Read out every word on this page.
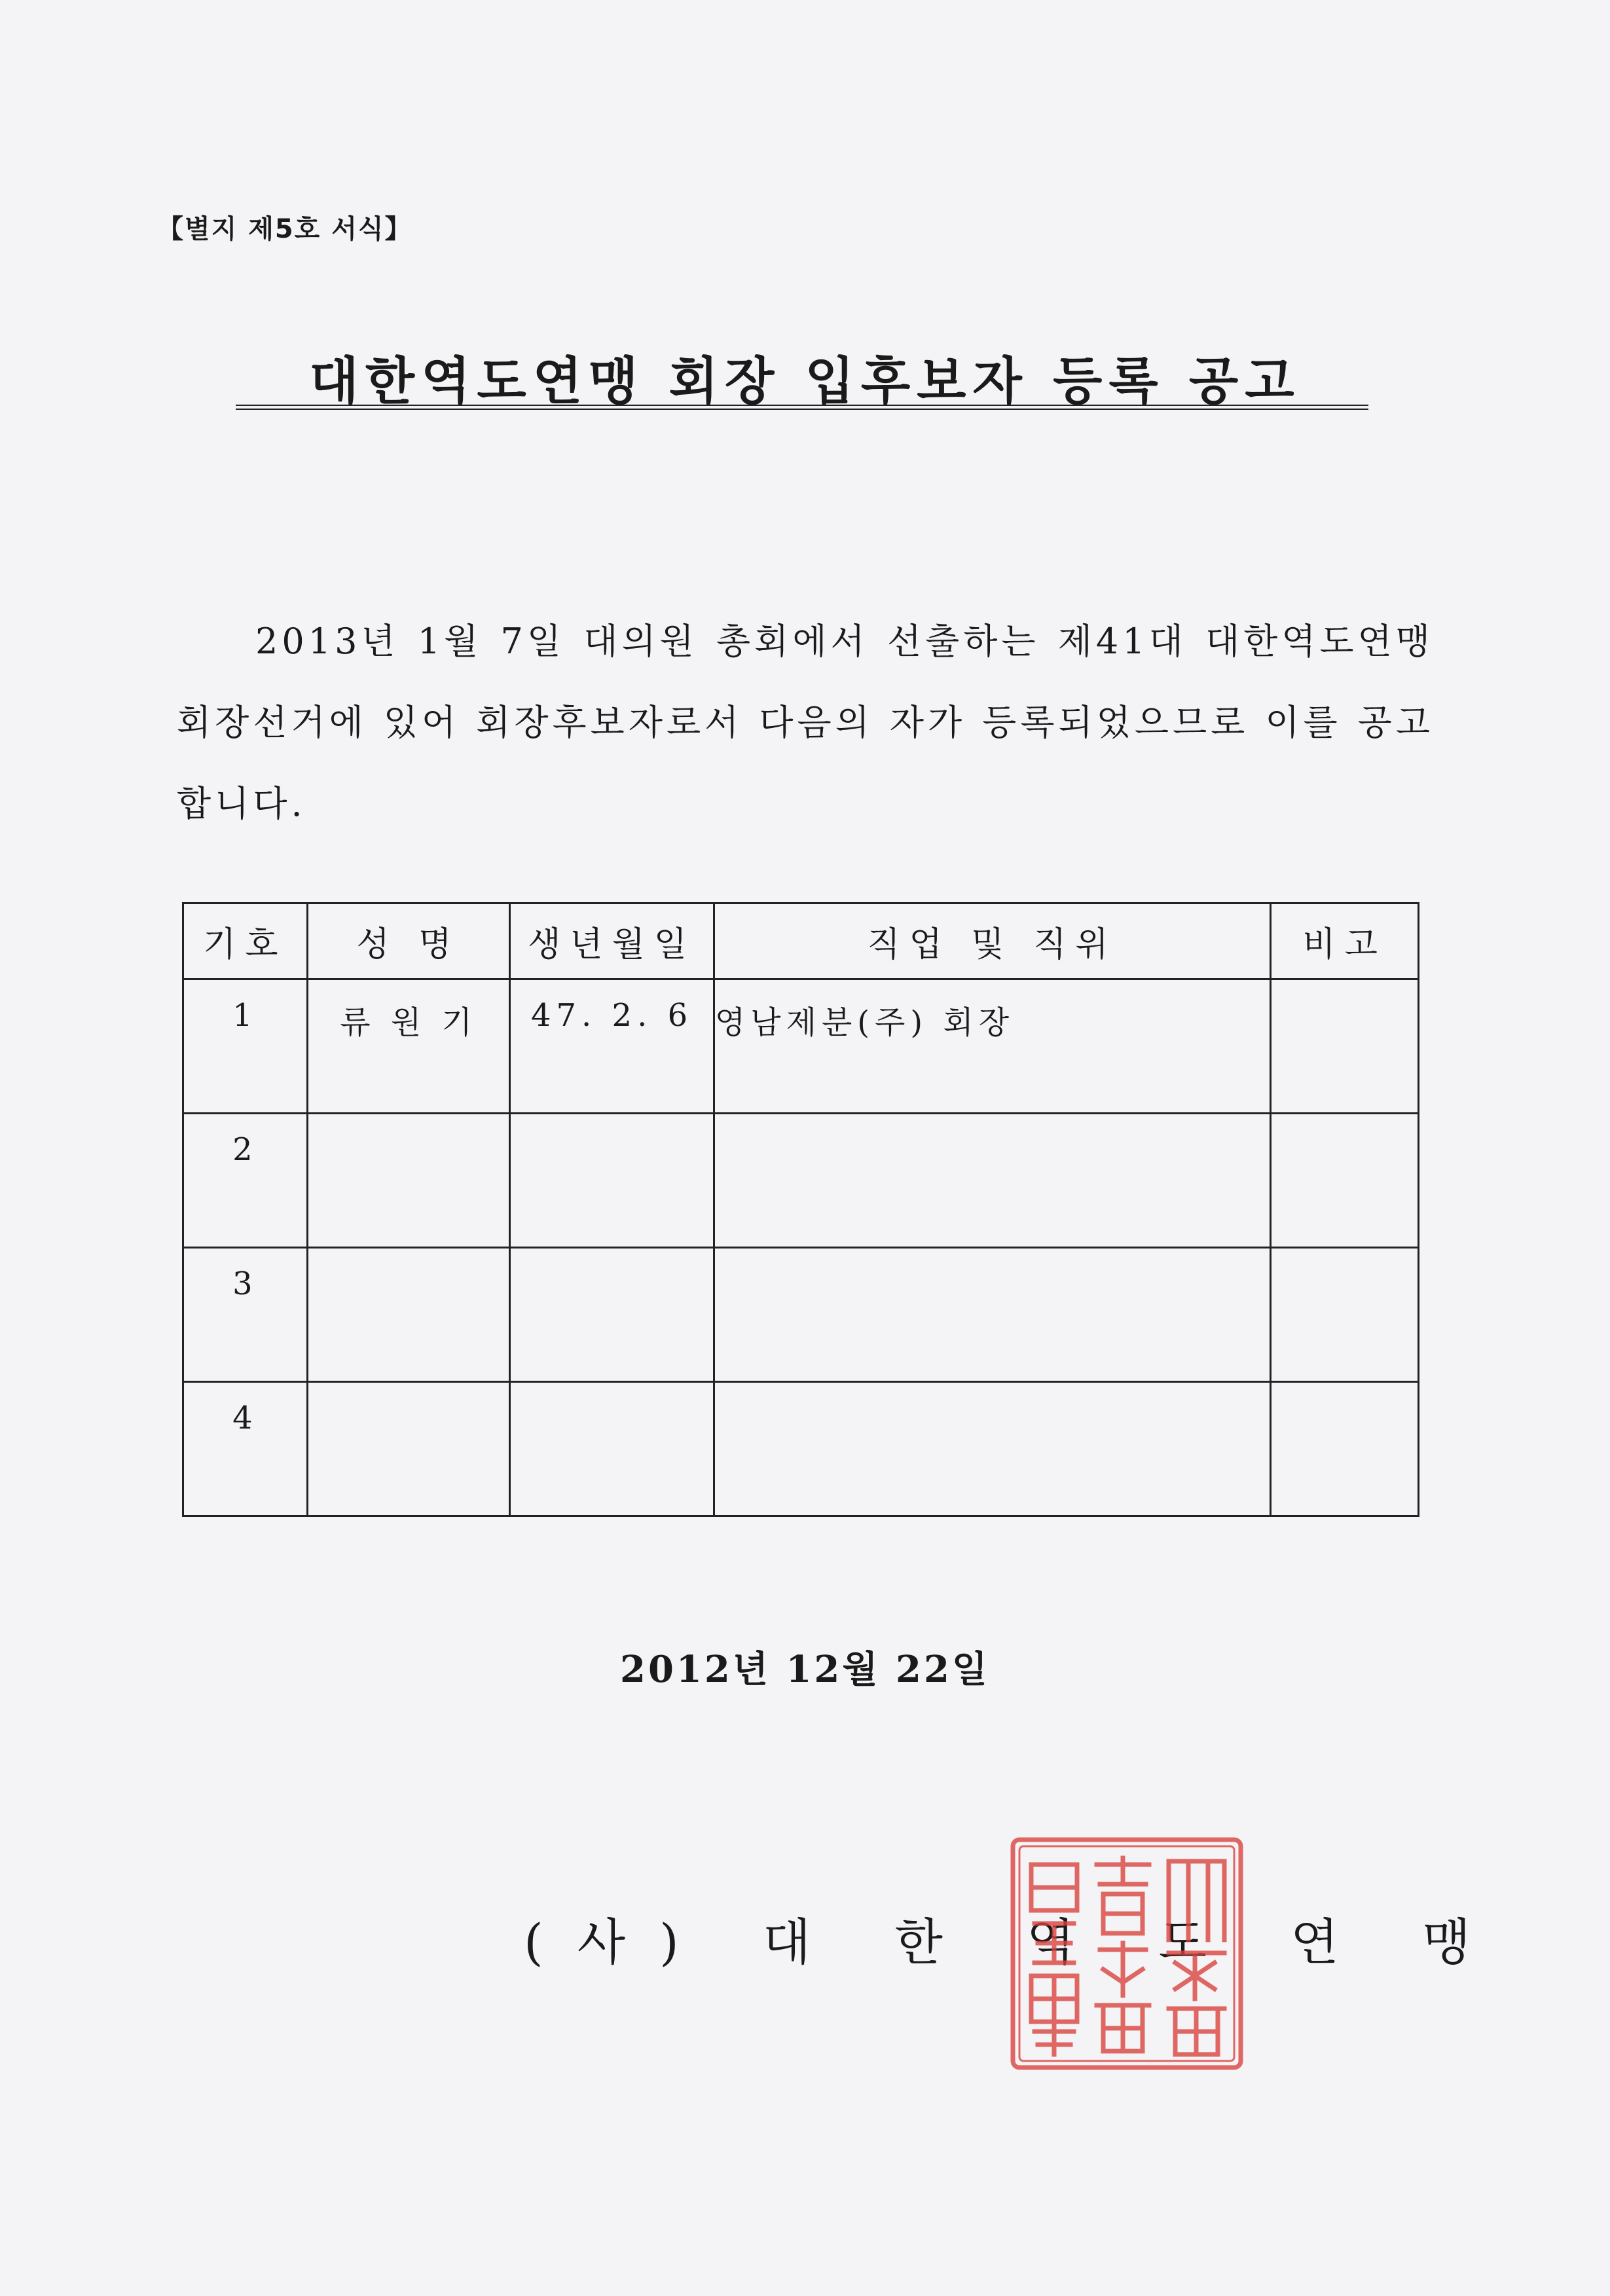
【별지 제5호 서식】
대한역도연맹 회장 입후보자 등록 공고
2013년 1월 7일 대의원 총회에서 선출하는 제41대 대한역도연맹 회장선거에 있어 회장후보자로서 다음의 자가 등록되었으므로 이를 공고합니다.
기호	성 명	생년월일	직업 및 직위	비고
1	류 원 기	47. 2. 6	영남제분(주) 회장	
2				
3				
4				
2012년 12월 22일
(사) 대 한 역 도 연 맹
